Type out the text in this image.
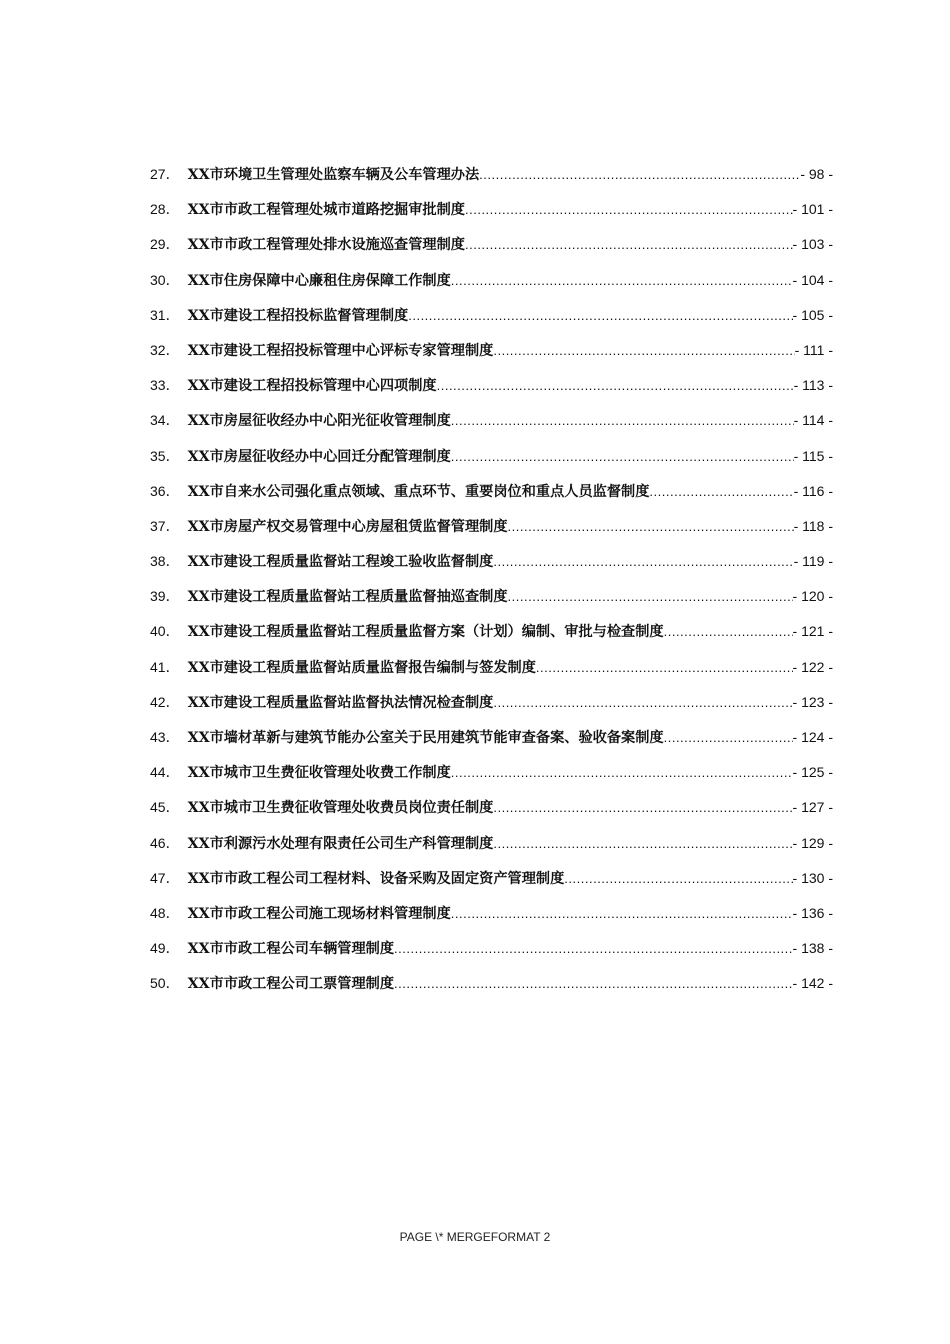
27． XX市环境卫生管理处监察车辆及公车管理办法 .....	- 98 -
28． XX市市政工程管理处城市道路挖掘审批制度 .....	- 101 -
29． XX市市政工程管理处排水设施巡查管理制度 .....	- 103 -
30． XX市住房保障中心廉租住房保障工作制度 .....	- 104 -
31． XX市建设工程招投标监督管理制度 .....	- 105 -
32． XX市建设工程招投标管理中心评标专家管理制度 .....	- 111 -
33． XX市建设工程招投标管理中心四项制度 .....	- 113 -
34． XX市房屋征收经办中心阳光征收管理制度 .....	- 114 -
35． XX市房屋征收经办中心回迁分配管理制度 .....	- 115 -
36． XX市自来水公司强化重点领域、重点环节、重要岗位和重点人员监督制度 .....	- 116 -
37． XX市房屋产权交易管理中心房屋租赁监督管理制度 .....	- 118 -
38． XX市建设工程质量监督站工程竣工验收监督制度 .....	- 119 -
39． XX市建设工程质量监督站工程质量监督抽巡查制度 .....	- 120 -
40． XX市建设工程质量监督站工程质量监督方案（计划）编制、审批与检查制度 .....	- 121 -
41． XX市建设工程质量监督站质量监督报告编制与签发制度 .....	- 122 -
42． XX市建设工程质量监督站监督执法情况检查制度 .....	- 123 -
43． XX市墙材革新与建筑节能办公室关于民用建筑节能审查备案、验收备案制度 .....	- 124 -
44． XX市城市卫生费征收管理处收费工作制度 .....	- 125 -
45． XX市城市卫生费征收管理处收费员岗位责任制度 .....	- 127 -
46． XX市利源污水处理有限责任公司生产科管理制度 .....	- 129 -
47． XX市市政工程公司工程材料、设备采购及固定资产管理制度 .....	- 130 -
48． XX市市政工程公司施工现场材料管理制度 .....	- 136 -
49． XX市市政工程公司车辆管理制度 .....	- 138 -
50． XX市市政工程公司工票管理制度 .....	- 142 -
PAGE \* MERGEFORMAT 2
